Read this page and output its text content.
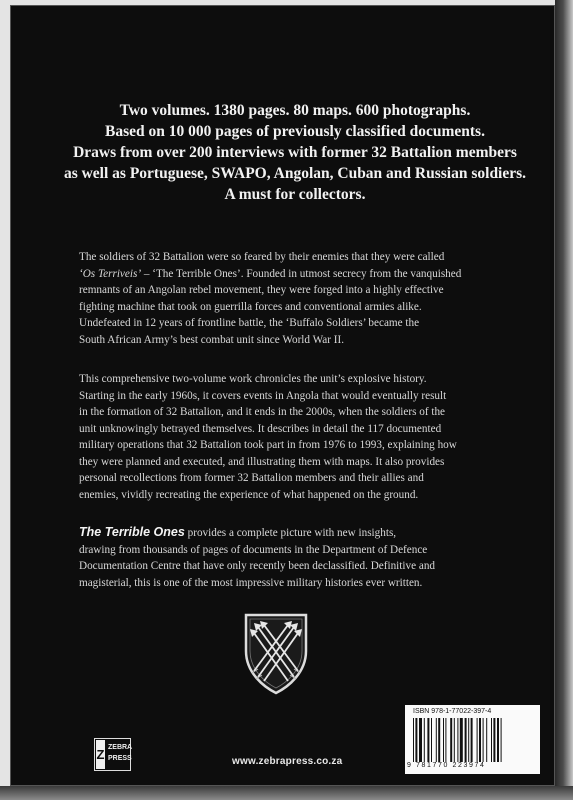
Two volumes. 1380 pages. 80 maps. 600 photographs.
Based on 10 000 pages of previously classified documents.
Draws from over 200 interviews with former 32 Battalion members
as well as Portuguese, SWAPO, Angolan, Cuban and Russian soldiers.
A must for collectors.
The soldiers of 32 Battalion were so feared by their enemies that they were called
‘Os Terriveis’ – ‘The Terrible Ones’. Founded in utmost secrecy from the vanquished
remnants of an Angolan rebel movement, they were forged into a highly effective
fighting machine that took on guerrilla forces and conventional armies alike.
Undefeated in 12 years of frontline battle, the ‘Buffalo Soldiers’ became the
South African Army’s best combat unit since World War II.
This comprehensive two-volume work chronicles the unit’s explosive history.
Starting in the early 1960s, it covers events in Angola that would eventually result
in the formation of 32 Battalion, and it ends in the 2000s, when the soldiers of the
unit unknowingly betrayed themselves. It describes in detail the 117 documented
military operations that 32 Battalion took part in from 1976 to 1993, explaining how
they were planned and executed, and illustrating them with maps. It also provides
personal recollections from former 32 Battalion members and their allies and
enemies, vividly recreating the experience of what happened on the ground.
The Terrible Ones provides a complete picture with new insights,
drawing from thousands of pages of documents in the Department of Defence
Documentation Centre that have only recently been declassified. Definitive and
magisterial, this is one of the most impressive military histories ever written.
Z ZEBRA
PRESS	www.zebrapress.co.za
ISBN 978-1-77022-397-4
9 781770 223974
